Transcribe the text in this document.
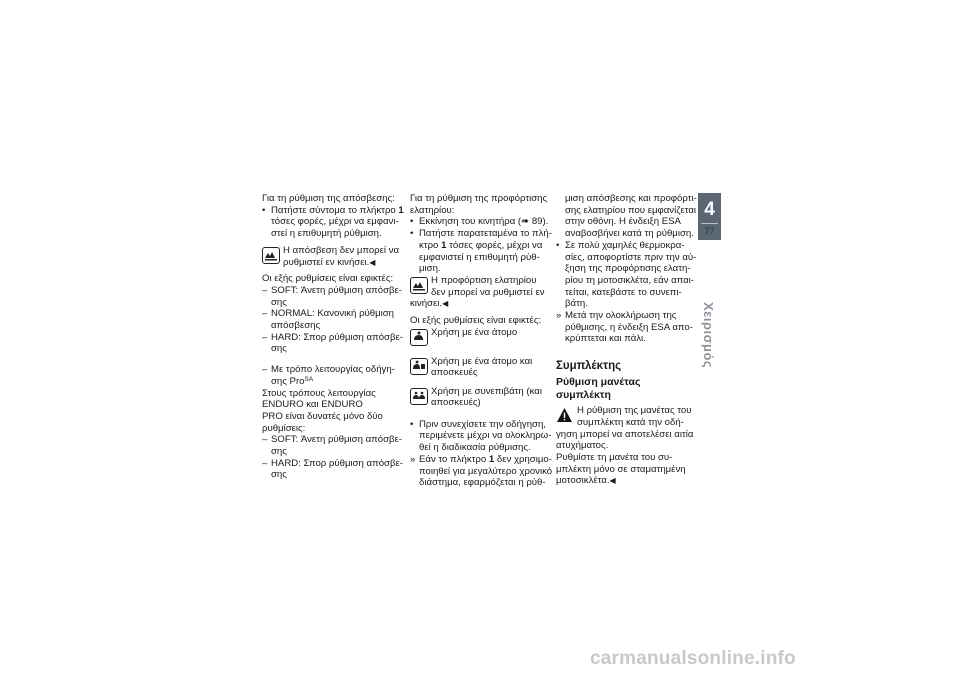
Για τη ρύθμιση της απόσβεσης:
• Πατήστε σύντομα το πλήκτρο 1
τόσες φορές, μέχρι να εμφανι-
στεί η επιθυμητή ρύθμιση.
Η απόσβεση δεν μπορεί να
ρυθμιστεί εν κινήσει.◀
Οι εξής ρυθμίσεις είναι εφικτές:
– SOFT: Άνετη ρύθμιση απόσβε-
σης
– NORMAL: Κανονική ρύθμιση
απόσβεσης
– HARD: Σπορ ρύθμιση απόσβε-
σης
– Με τρόπο λειτουργίας οδήγη-
σης Pro$^{SA}$
Στους τρόπους λειτουργίας
ENDURO και ENDURO
PRO είναι δυνατές μόνο δύο
ρυθμίσεις:
– SOFT: Άνετη ρύθμιση απόσβε-
σης
– HARD: Σπορ ρύθμιση απόσβε-
σης
Για τη ρύθμιση της προφόρτισης
ελατηρίου:
• Εκκίνηση του κινητήρα (➠ 89).
• Πατήστε παρατεταμένα το πλή-
κτρο 1 τόσες φορές, μέχρι να
εμφανιστεί η επιθυμητή ρύθ-
μιση.
Η προφόρτιση ελατηρίου
δεν μπορεί να ρυθμιστεί εν
κινήσει.◀
Οι εξής ρυθμίσεις είναι εφικτές:
Χρήση με ένα άτομο
Χρήση με ένα άτομο και
αποσκευές
Χρήση με συνεπιβάτη (και
αποσκευές)
• Πριν συνεχίσετε την οδήγηση,
περιμένετε μέχρι να ολοκληρω-
θεί η διαδικασία ρύθμισης.
» Εάν το πλήκτρο 1 δεν χρησιμο-
ποιηθεί για μεγαλύτερο χρονικό
διάστημα, εφαρμόζεται η ρύθ-
μιση απόσβεσης και προφόρτι-
σης ελατηρίου που εμφανίζεται
στην οθόνη. Η ένδειξη ESA
αναβοσβήνει κατά τη ρύθμιση.
• Σε πολύ χαμηλές θερμοκρα-
σίες, αποφορτίστε πριν την αύ-
ξηση της προφόρτισης ελατη-
ρίου τη μοτοσικλέτα, εάν απαι-
τείται, κατεβάστε το συνεπι-
βάτη.
» Μετά την ολοκλήρωση της
ρύθμισης, η ένδειξη ESA απο-
κρύπτεται και πάλι.
Συμπλέκτης
Ρύθμιση μανέτας
συμπλέκτη
Η ρύθμιση της μανέτας του
συμπλέκτη κατά την οδή-
γηση μπορεί να αποτελέσει αιτία
ατυχήματος.
Ρυθμίστε τη μανέτα του συ-
μπλέκτη μόνο σε σταματημένη
μοτοσικλέτα.◀
4
77
Χειρισμός
carmanualsonline.info
